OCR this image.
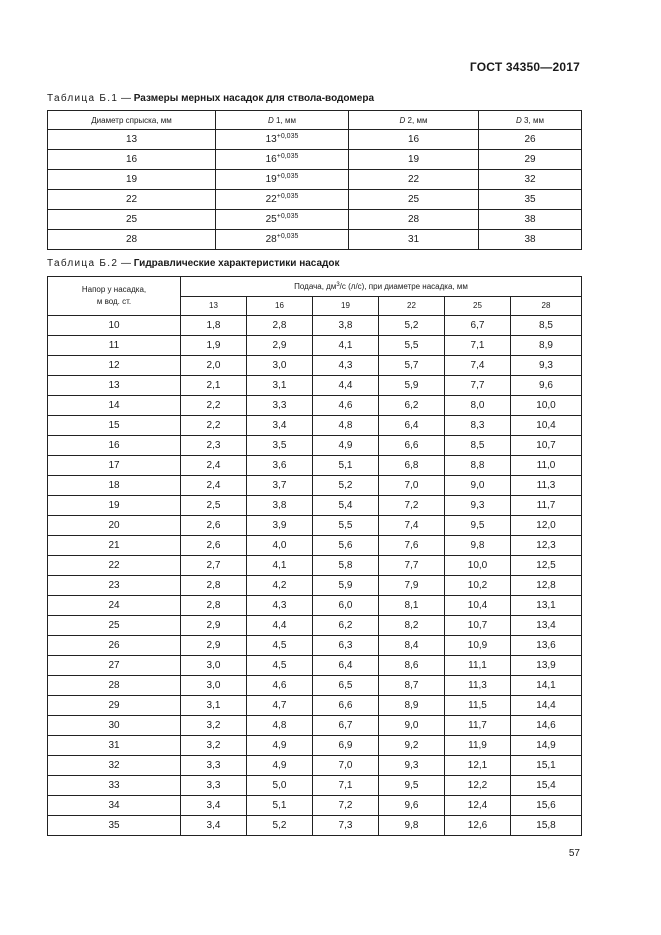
ГОСТ 34350—2017
Таблица Б.1 — Размеры мерных насадок для ствола-водомера
Диаметр спрыска, мм	D 1, мм	D 2, мм	D 3, мм
13	$13^{+0,035}$	16	26
16	$16^{+0,035}$	19	29
19	$19^{+0,035}$	22	32
22	$22^{+0,035}$	25	35
25	$25^{+0,035}$	28	38
28	$28^{+0,035}$	31	38
Таблица Б.2 — Гидравлические характеристики насадок
Напор у насадка,
м вод. ст.	Подача, $дм^3/с$ (л/с), при диаметре насадка, мм					
	13	16	19	22	25	28
10	1,8	2,8	3,8	5,2	6,7	8,5
11	1,9	2,9	4,1	5,5	7,1	8,9
12	2,0	3,0	4,3	5,7	7,4	9,3
13	2,1	3,1	4,4	5,9	7,7	9,6
14	2,2	3,3	4,6	6,2	8,0	10,0
15	2,2	3,4	4,8	6,4	8,3	10,4
16	2,3	3,5	4,9	6,6	8,5	10,7
17	2,4	3,6	5,1	6,8	8,8	11,0
18	2,4	3,7	5,2	7,0	9,0	11,3
19	2,5	3,8	5,4	7,2	9,3	11,7
20	2,6	3,9	5,5	7,4	9,5	12,0
21	2,6	4,0	5,6	7,6	9,8	12,3
22	2,7	4,1	5,8	7,7	10,0	12,5
23	2,8	4,2	5,9	7,9	10,2	12,8
24	2,8	4,3	6,0	8,1	10,4	13,1
25	2,9	4,4	6,2	8,2	10,7	13,4
26	2,9	4,5	6,3	8,4	10,9	13,6
27	3,0	4,5	6,4	8,6	11,1	13,9
28	3,0	4,6	6,5	8,7	11,3	14,1
29	3,1	4,7	6,6	8,9	11,5	14,4
30	3,2	4,8	6,7	9,0	11,7	14,6
31	3,2	4,9	6,9	9,2	11,9	14,9
32	3,3	4,9	7,0	9,3	12,1	15,1
33	3,3	5,0	7,1	9,5	12,2	15,4
34	3,4	5,1	7,2	9,6	12,4	15,6
35	3,4	5,2	7,3	9,8	12,6	15,8
57
